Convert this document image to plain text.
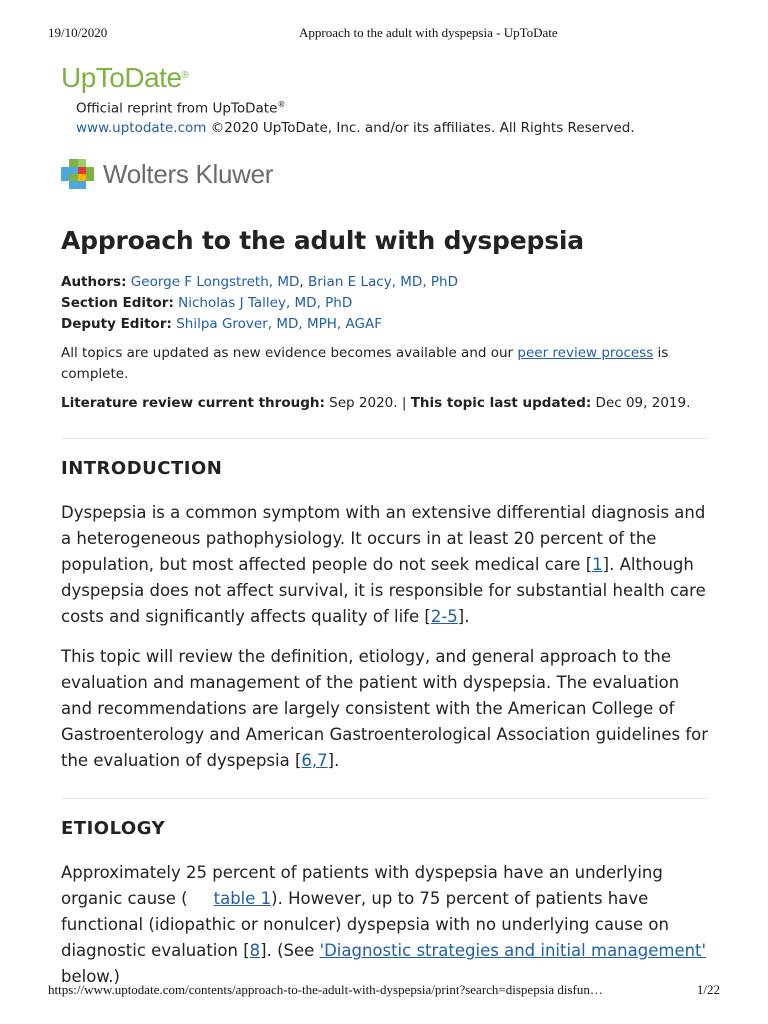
19/10/2020	Approach to the adult with dyspepsia - UpToDate
UpToDate®
Official reprint from UpToDate®
www.uptodate.com ©2020 UpToDate, Inc. and/or its affiliates. All Rights Reserved.
Wolters Kluwer
Approach to the adult with dyspepsia
Authors: George F Longstreth, MD, Brian E Lacy, MD, PhD
Section Editor: Nicholas J Talley, MD, PhD
Deputy Editor: Shilpa Grover, MD, MPH, AGAF
All topics are updated as new evidence becomes available and our peer review process is complete.
Literature review current through: Sep 2020. | This topic last updated: Dec 09, 2019.
INTRODUCTION

Dyspepsia is a common symptom with an extensive differential diagnosis and a heterogeneous pathophysiology. It occurs in at least 20 percent of the population, but most affected people do not seek medical care [1]. Although dyspepsia does not affect survival, it is responsible for substantial health care costs and significantly affects quality of life [2-5].

This topic will review the definition, etiology, and general approach to the evaluation and management of the patient with dyspepsia. The evaluation and recommendations are largely consistent with the American College of Gastroenterology and American Gastroenterological Association guidelines for the evaluation of dyspepsia [6,7].

ETIOLOGY

Approximately 25 percent of patients with dyspepsia have an underlying organic cause ( table 1). However, up to 75 percent of patients have functional (idiopathic or nonulcer) dyspepsia with no underlying cause on diagnostic evaluation [8]. (See 'Diagnostic strategies and initial management' below.)

https://www.uptodate.com/contents/approach-to-the-adult-with-dyspepsia/print?search=dispepsia disfun…	1/22
